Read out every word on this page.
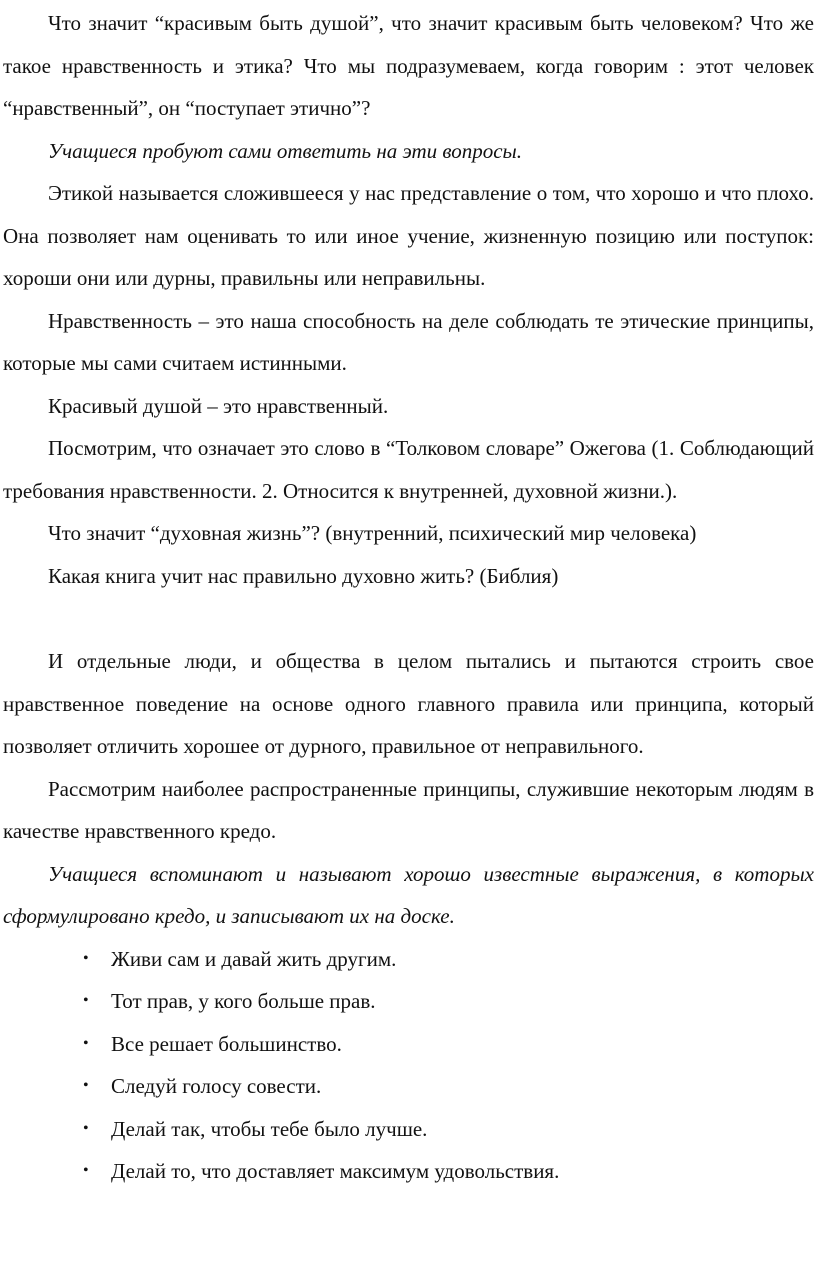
Что значит “красивым быть душой”, что значит красивым быть человеком? Что же такое нравственность и этика? Что мы подразумеваем, когда говорим : этот человек “нравственный”, он “поступает этично”?

Учащиеся пробуют сами ответить на эти вопросы.

Этикой называется сложившееся у нас представление о том, что хорошо и что плохо. Она позволяет нам оценивать то или иное учение, жизненную позицию или поступок: хороши они или дурны, правильны или неправильны.

Нравственность – это наша способность на деле соблюдать те этические принципы, которые мы сами считаем истинными.

Красивый душой – это нравственный.

Посмотрим, что означает это слово в “Толковом словаре” Ожегова (1. Соблюдающий требования нравственности. 2. Относится к внутренней, духовной жизни.).

Что значит “духовная жизнь”? (внутренний, психический мир человека)

Какая книга учит нас правильно духовно жить? (Библия)

И отдельные люди, и общества в целом пытались и пытаются строить свое нравственное поведение на основе одного главного правила или принципа, который позволяет отличить хорошее от дурного, правильное от неправильного.

Рассмотрим наиболее распространенные принципы, служившие некоторым людям в качестве нравственного кредо.

Учащиеся вспоминают и называют хорошо известные выражения, в которых сформулировано кредо, и записывают их на доске.

• Живи сам и давай жить другим.
• Тот прав, у кого больше прав.
• Все решает большинство.
• Следуй голосу совести.
• Делай так, чтобы тебе было лучше.
• Делай то, что доставляет максимум удовольствия.
